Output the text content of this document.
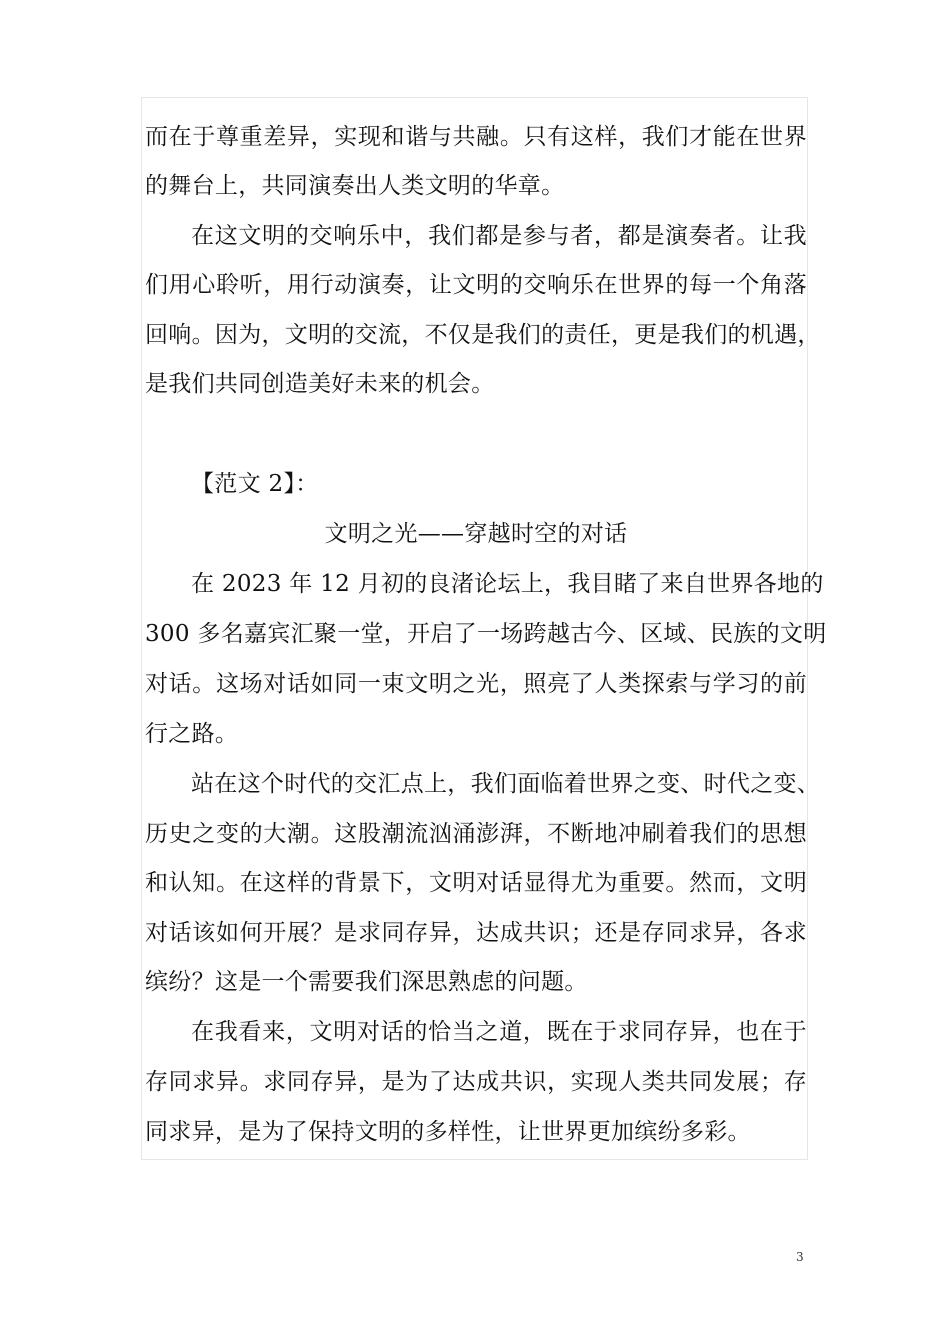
而在于尊重差异，实现和谐与共融。只有这样，我们才能在世界
的舞台上，共同演奏出人类文明的华章。
在这文明的交响乐中，我们都是参与者，都是演奏者。让我
们用心聆听，用行动演奏，让文明的交响乐在世界的每一个角落
回响。因为，文明的交流，不仅是我们的责任，更是我们的机遇，
是我们共同创造美好未来的机会。
【范文 2】：
文明之光——穿越时空的对话
在 2023 年 12 月初的良渚论坛上，我目睹了来自世界各地的
300 多名嘉宾汇聚一堂，开启了一场跨越古今、区域、民族的文明
对话。这场对话如同一束文明之光，照亮了人类探索与学习的前
行之路。
站在这个时代的交汇点上，我们面临着世界之变、时代之变、
历史之变的大潮。这股潮流汹涌澎湃，不断地冲刷着我们的思想
和认知。在这样的背景下，文明对话显得尤为重要。然而，文明
对话该如何开展？是求同存异，达成共识；还是存同求异，各求
缤纷？这是一个需要我们深思熟虑的问题。
在我看来，文明对话的恰当之道，既在于求同存异，也在于
存同求异。求同存异，是为了达成共识，实现人类共同发展；存
同求异，是为了保持文明的多样性，让世界更加缤纷多彩。
3
